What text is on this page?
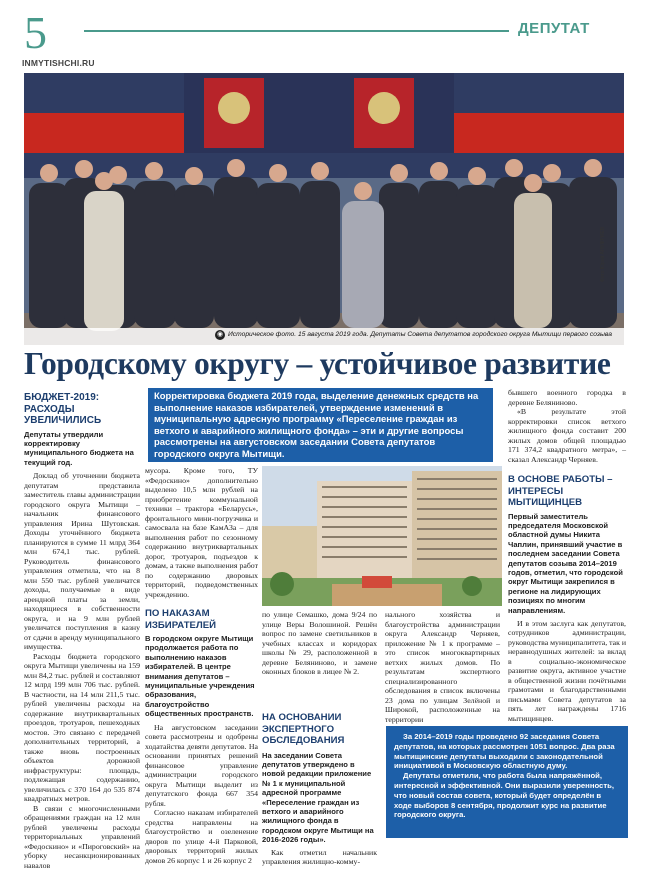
5
INMYTISHCHI.RU
ДЕПУТАТ
◉ Историческое фото. 15 августа 2019 года. Депутаты Совета депутатов городского округа Мытищи первого созыва
Фото Юрий АНУФРИЕВ
Городскому округу – устойчивое развитие
Корректировка бюджета 2019 года, выделение денежных средств на выполнение наказов избирателей, утверждение изменений в муниципальную адресную программу «Переселение граждан из ветхого и аварийного жилищного фонда» – эти и другие вопросы рассмотрены на августовском заседании Совета депутатов городского округа Мытищи.
БЮДЖЕТ-2019: РАСХОДЫ УВЕЛИЧИЛИСЬ
Депутаты утвердили корректировку муниципального бюджета на текущий год.

Доклад об уточнении бюджета депутатам представила заместитель главы администрации городского округа Мытищи – начальник финансового управления Ирина Шутовская. Доходы уточнённого бюджета планируются в сумме 11 млрд 364 млн 674,1 тыс. рублей. Руководитель финансового управления отметила, что на 8 млн 550 тыс. рублей увеличатся доходы, получаемые в виде арендной платы за земли, находящиеся в собственности округа, и на 9 млн рублей увеличатся поступления в казну от сдачи в аренду муниципального имущества.

Расходы бюджета городского округа Мытищи увеличены на 159 млн 84,2 тыс. рублей и составляют 12 млрд 199 млн 706 тыс. рублей. В частности, на 14 млн 211,5 тыс. рублей увеличены расходы на содержание внутриквартальных проездов, тротуаров, пешеходных мостов. Это связано с передачей дополнительных территорий, а также вновь построенных объектов дорожной инфраструктуры: площадь, подлежащая содержанию, увеличилась с 370 164 до 535 874 квадратных метров.

В связи с многочисленными обращениями граждан на 12 млн рублей увеличены расходы территориальных управлений «Федоскино» и «Пироговский» на уборку несанкционированных навалов

мусора. Кроме того, ТУ «Федоскино» дополнительно выделено 10,5 млн рублей на приобретение коммунальной техники – трактора «Беларусь», фронтального мини-погрузчика и самосвала на базе КамАЗа – для выполнения работ по сезонному содержанию внутриквартальных дорог, тротуаров, подъездов к домам, а также выполнения работ по содержанию дворовых территорий, подведомственных учреждению.
ПО НАКАЗАМ ИЗБИРАТЕЛЕЙ
В городском округе Мытищи продолжается работа по выполнению наказов избирателей. В центре внимания депутатов – муниципальные учреждения образования, благоустройство общественных пространств.

На августовском заседании совета рассмотрены и одобрены ходатайства девяти депутатов. На основании принятых решений финансовое управление администрации городского округа Мытищи выделит из депутатского фонда 667 354 рубля.

Согласно наказам избирателей средства направлены на благоустройство и озеленение дворов по улице 4-й Парковой, дворовых территорий жилых домов 26 корпус 1 и 26 корпус 2

по улице Семашко, дома 9/24 по улице Веры Волошиной. Решён вопрос по замене светильников в учебных классах и коридорах школы № 29, расположенной в деревне Беляниново, и замене оконных блоков в лицее № 2.
НА ОСНОВАНИИ ЭКСПЕРТНОГО ОБСЛЕДОВАНИЯ
На заседании Совета депутатов утверждено в новой редакции приложение № 1 к муниципальной адресной программе «Переселение граждан из ветхого и аварийного жилищного фонда в городском округе Мытищи на 2016-2026 годы».
Как отметил начальник управления жилищно-комму-
нального хозяйства и благоустройства администрации округа Александр Черняев, приложение № 1 к программе – это список многоквартирных ветхих жилых домов. По результатам экспертного специализированного обследования в список включены 23 дома по улицам Зелёной и Широкой, расположенные на территории
бывшего военного городка в деревне Беляниново.
«В результате этой корректировки список ветхого жилищного фонда составит 200 жилых домов общей площадью 171 374,2 квадратного метра», – сказал Александр Черняев.
В ОСНОВЕ РАБОТЫ – ИНТЕРЕСЫ МЫТИЩИНЦЕВ
Первый заместитель председателя Московской областной думы Никита Чаплин, принявший участие в последнем заседании Совета депутатов созыва 2014–2019 годов, отметил, что городской округ Мытищи закрепился в регионе на лидирующих позициях по многим направлениям.
И в этом заслуга как депутатов, сотрудников администрации, руководства муниципалитета, так и неравнодушных жителей: за вклад в социально-экономическое развитие округа, активное участие в общественной жизни почётными грамотами и благодарственными письмами Совета депутатов за пять лет награждены 1716 мытищинцев.
За 2014–2019 годы проведено 92 заседания Совета депутатов, на которых рассмотрен 1051 вопрос. Два раза мытищинские депутаты выходили с законодательной инициативой в Московскую областную думу.
Депутаты отметили, что работа была напряжённой, интересной и эффективной. Они выразили уверенность, что новый состав совета, который будет определён в ходе выборов 8 сентября, продолжит курс на развитие городского округа.
